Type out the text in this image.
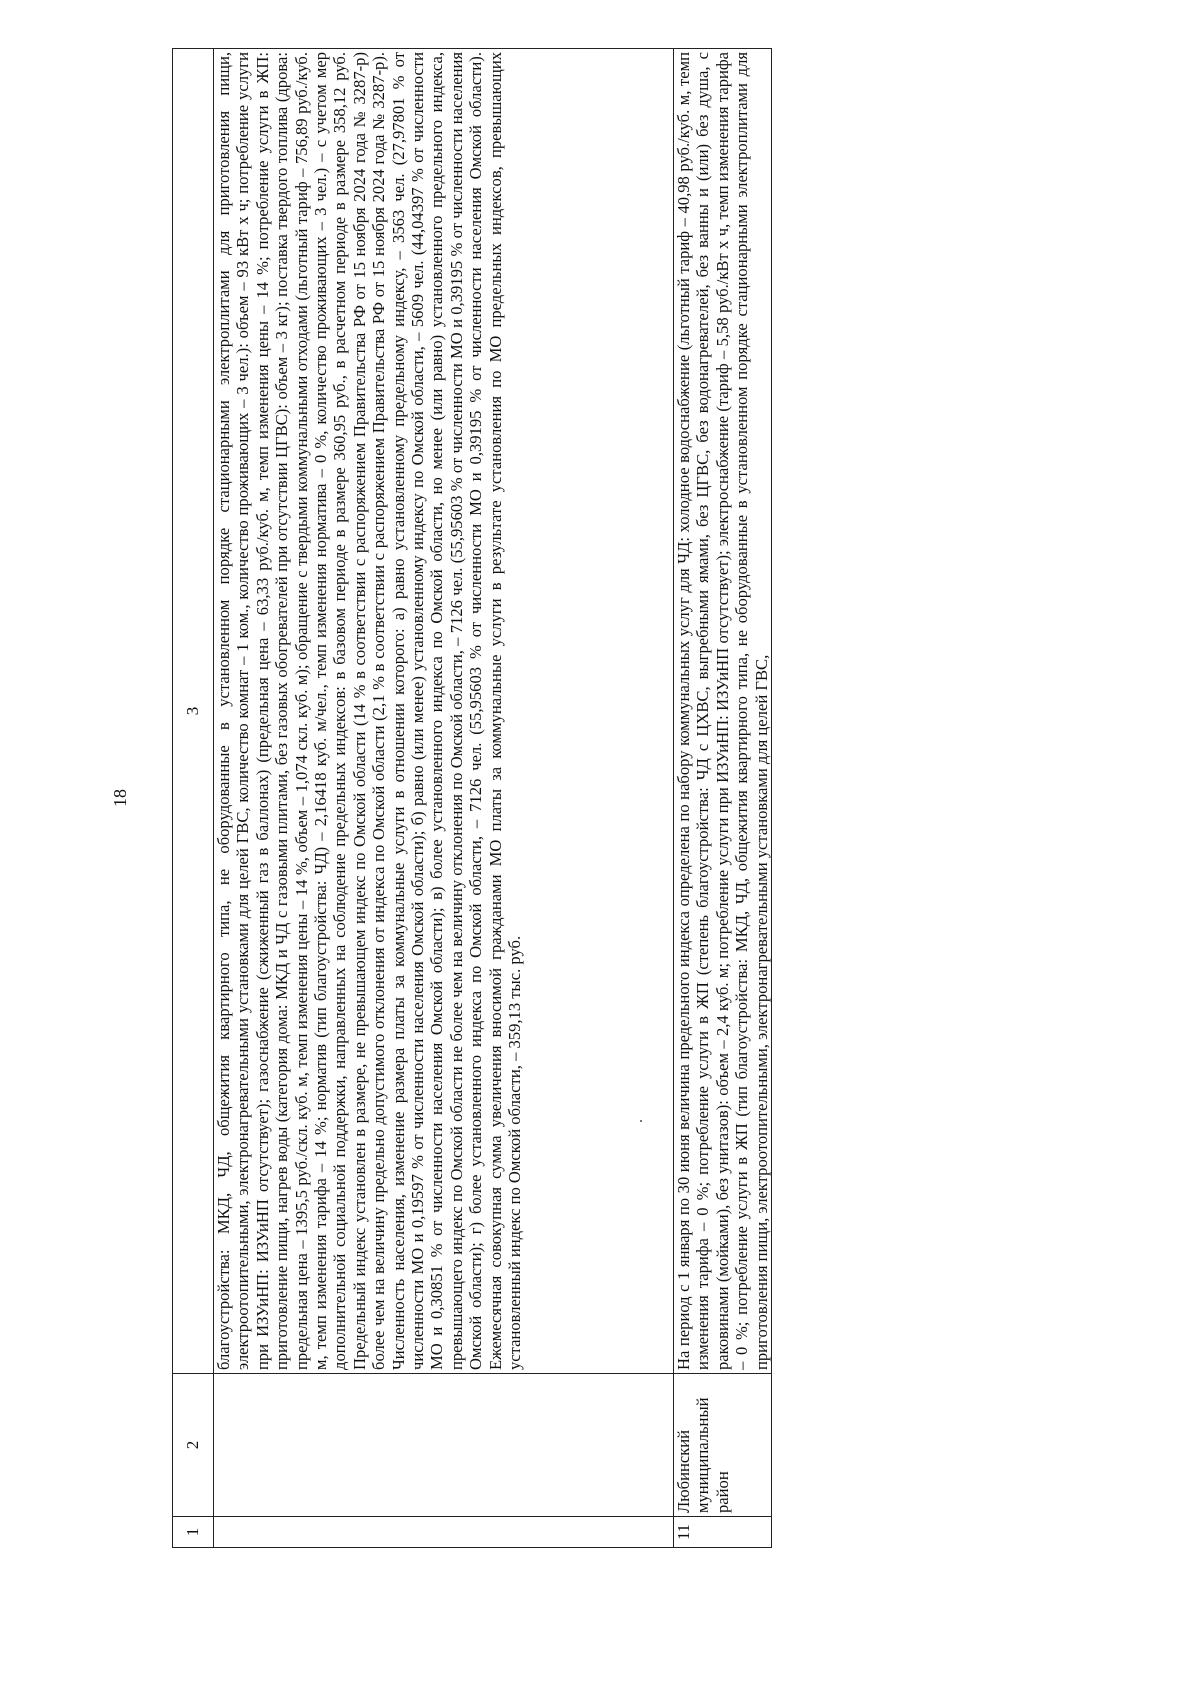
18
1	2	3
		благоустройства: МКД, ЧД, общежития квартирного типа, не оборудованные в установленном порядке стационарными электроплитами для приготовления пищи, электроотопительными, электронагревательными установками для целей ГВС, количество комнат – 1 ком., количество проживающих – 3 чел.): объем – 93 кВт х ч; потребление услуги при ИЗУиНП: ИЗУиНП отсутствует); газоснабжение (сжиженный газ в баллонах) (предельная цена – 63,33 руб./куб. м, темп изменения цены – 14 %; потребление услуги в ЖП: приготовление пищи, нагрев воды (категория дома: МКД и ЧД с газовыми плитами, без газовых обогревателей при отсутствии ЦГВС): объем – 3 кг); поставка твердого топлива (дрова: предельная цена – 1395,5 руб./скл. куб. м, темп изменения цены – 14 %, объем – 1,074 скл. куб. м); обращение с твердыми коммунальными отходами (льготный тариф – 756,89 руб./куб. м, темп изменения тарифа – 14 %; норматив (тип благоустройства: ЧД) – 2,16418 куб. м/чел., темп изменения норматива – 0 %, количество проживающих – 3 чел.) – с учетом мер дополнительной социальной поддержки, направленных на соблюдение предельных индексов: в базовом периоде в размере 360,95 руб., в расчетном периоде в размере 358,12 руб. Предельный индекс установлен в размере, не превышающем индекс по Омской области (14 % в соответствии с распоряжением Правительства РФ от 15 ноября 2024 года № 3287-р) более чем на величину предельно допустимого отклонения от индекса по Омской области (2,1 % в соответствии с распоряжением Правительства РФ от 15 ноября 2024 года № 3287-р). Численность населения, изменение размера платы за коммунальные услуги в отношении которого: а) равно установленному предельному индексу, – 3563 чел. (27,97801 % от численности МО и 0,19597 % от численности населения Омской области); б) равно (или менее) установленному индексу по Омской области, – 5609 чел. (44,04397 % от численности МО и 0,30851 % от численности населения Омской области); в) более установленного индекса по Омской области, но менее (или равно) установленного предельного индекса, превышающего индекс по Омской области не более чем на величину отклонения по Омской области, – 7126 чел. (55,95603 % от численности МО и 0,39195 % от численности населения Омской области); г) более установленного индекса по Омской области, – 7126 чел. (55,95603 % от численности МО и 0,39195 % от численности населения Омской области). Ежемесячная совокупная сумма увеличения вносимой гражданами МО платы за коммунальные услуги в результате установления по МО предельных индексов, превышающих установленный индекс по Омской области, – 359,13 тыс. руб.
11	Любинский муниципальный район	На период с 1 января по 30 июня величина предельного индекса определена по набору коммунальных услуг для ЧД: холодное водоснабжение (льготный тариф – 40,98 руб./куб. м, темп изменения тарифа – 0 %; потребление услуги в ЖП (степень благоустройства: ЧД с ЦХВС, выгребными ямами, без ЦГВС, без водонагревателей, без ванны и (или) без душа, с раковинами (мойками), без унитазов): объем – 2,4 куб. м; потребление услуги при ИЗУиНП: ИЗУиНП отсутствует); электроснабжение (тариф – 5,58 руб./кВт х ч, темп изменения тарифа – 0 %; потребление услуги в ЖП (тип благоустройства: МКД, ЧД, общежития квартирного типа, не оборудованные в установленном порядке стационарными электроплитами для приготовления пищи, электроотопительными, электронагревательными установками для целей ГВС,
